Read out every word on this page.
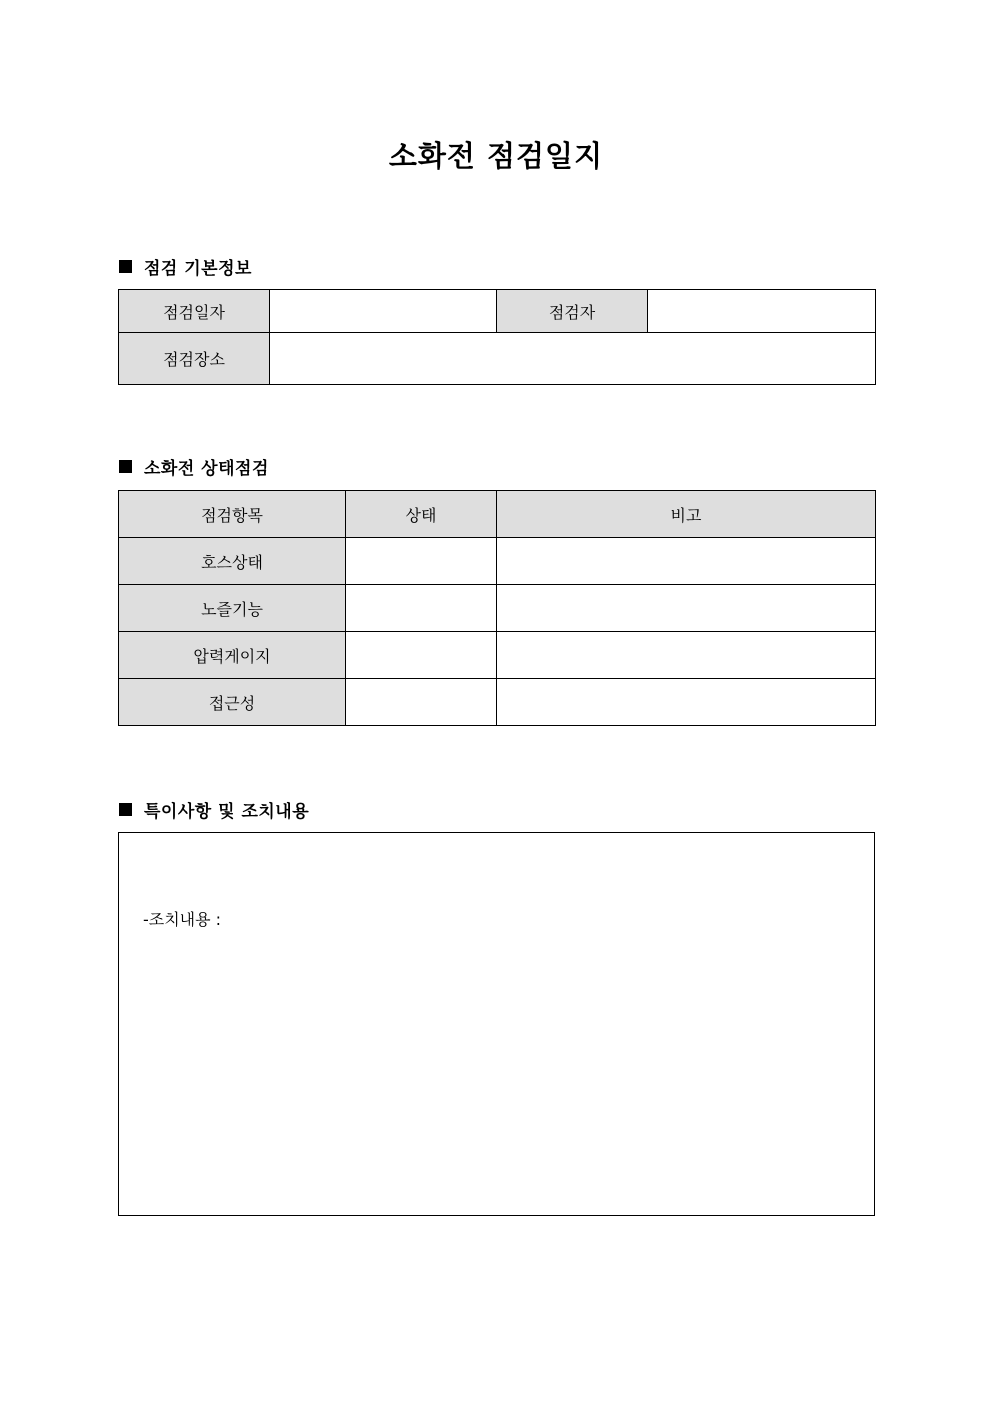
소화전 점검일지
점검 기본정보
점검일자		점검자	
점검장소			
소화전 상태점검
점검항목	상태	비고
호스상태		
노즐기능		
압력게이지		
접근성		
특이사항 및 조치내용
-조치내용 :
